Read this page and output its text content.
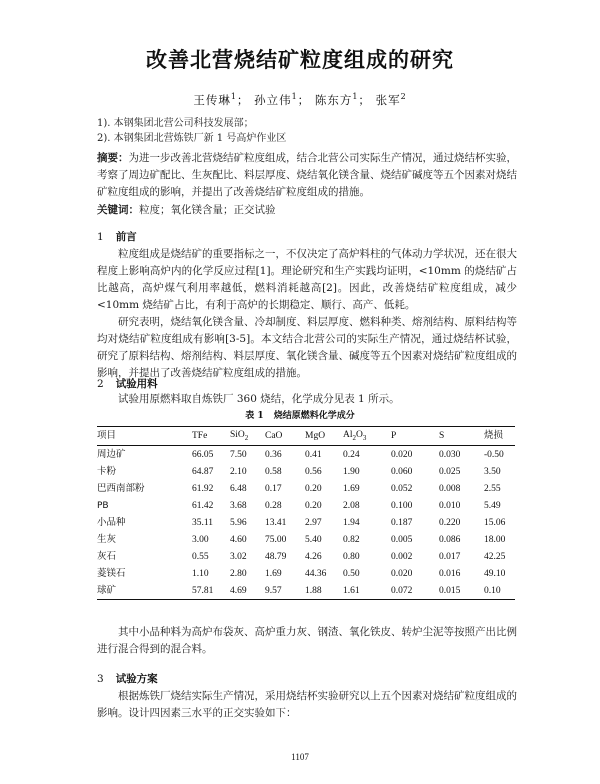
改善北营烧结矿粒度组成的研究
王传琳$^1$； 孙立伟$^1$； 陈东方$^1$； 张军$^2$
1). 本钢集团北营公司科技发展部；
2). 本钢集团北营炼铁厂新 1 号高炉作业区
摘要：为进一步改善北营烧结矿粒度组成，结合北营公司实际生产情况，通过烧结杯实验，考察了周边矿配比、生灰配比、料层厚度、烧结氧化镁含量、烧结矿碱度等五个因素对烧结矿粒度组成的影响，并提出了改善烧结矿粒度组成的措施。
关键词：粒度；氧化镁含量；正交试验
1 前言
粒度组成是烧结矿的重要指标之一，不仅决定了高炉料柱的气体动力学状况，还在很大程度上影响高炉内的化学反应过程[1]。理论研究和生产实践均证明，<10mm 的烧结矿占比越高，高炉煤气利用率越低，燃料消耗越高[2]。因此，改善烧结矿粒度组成，减少<10mm 烧结矿占比，有利于高炉的长期稳定、顺行、高产、低耗。
研究表明，烧结氧化镁含量、冷却制度、料层厚度、燃料种类、熔剂结构、原料结构等均对烧结矿粒度组成有影响[3-5]。本文结合北营公司的实际生产情况，通过烧结杯试验，研究了原料结构、熔剂结构、料层厚度、氧化镁含量、碱度等五个因素对烧结矿粒度组成的影响，并提出了改善烧结矿粒度组成的措施。
2 试验用料
试验用原燃料取自炼铁厂 360 烧结，化学成分见表 1 所示。
表 1 烧结原燃料化学成分
项目	TFe	SiO$_2$	CaO	MgO	$Al_2O_3$	P	S	烧损
周边矿	66.05	7.50	0.36	0.41	0.24	0.020	0.030	-0.50
卡粉	64.87	2.10	0.58	0.56	1.90	0.060	0.025	3.50
巴西南部粉	61.92	6.48	0.17	0.20	1.69	0.052	0.008	2.55
PB	61.42	3.68	0.28	0.20	2.08	0.100	0.010	5.49
小品种	35.11	5.96	13.41	2.97	1.94	0.187	0.220	15.06
生灰	3.00	4.60	75.00	5.40	0.82	0.005	0.086	18.00
灰石	0.55	3.02	48.79	4.26	0.80	0.002	0.017	42.25
菱镁石	1.10	2.80	1.69	44.36	0.50	0.020	0.016	49.10
球矿	57.81	4.69	9.57	1.88	1.61	0.072	0.015	0.10
其中小品种料为高炉布袋灰、高炉重力灰、钢渣、氧化铁皮、转炉尘泥等按照产出比例进行混合得到的混合料。
3 试验方案
根据炼铁厂烧结实际生产情况，采用烧结杯实验研究以上五个因素对烧结矿粒度组成的影响。设计四因素三水平的正交实验如下：
1107
